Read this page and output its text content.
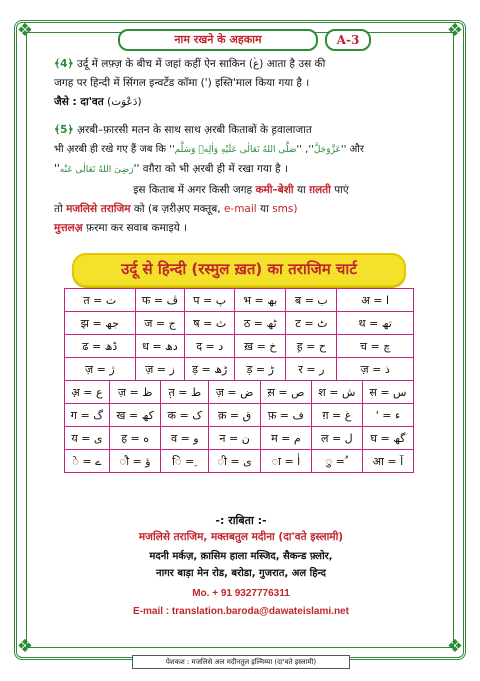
❖	❖
❖	❖
नाम रखने के अहकाम	A-3
﴾4﴿ उर्दू में लफ़्ज़ के बीच में जहां कहीं ऐन साकिन (ۡع) आता है उस की
जगह पर हिन्दी में सिंगल इन्वर्टेड कॉमा (') इस्ति'माल किया गया है ।
जैसे : दा'वत (دَعْوَت)
﴾5﴿ अ़रबी–फ़ारसी मतन के साथ साथ अ़रबी किताबों के ह़वालाजात
भी अ़रबी ही रखे गए हैं जब कि ''	عَزَّوَجَلَّ'', ''صَلَّى اللهُ تَعَالٰى عَلَيْهِ وَاٰلِهٖ وَسَلَّم	'' और
''رَضِىَ اللهُ تَعَالٰى عَنْه'' वग़ैरा को भी अ़रबी ही में रखा गया है ।
इस किताब में अगर किसी जगह कमी–बेशी या ग़लती पाएं
तो मजलिसे तराजिम को (ब ज़रीअ़ए मक्तूब, e-mail या sms)
मुत्तलअ़ फ़रमा कर सवाब कमाइये ।
उर्दू से हिन्दी (रस्मुल ख़त) का तराजिम चार्ट
त = ت		फ = ڤ		प = پ		भ = بھ		ब = ب		अ = ا	
झ = جھ		ज = ج		ष = ث		ठ = ٹھ		ट = ٹ		थ = تھ	
ढ = ڈھ		ध = دھ		द = د		ख़ = خ		ह़ = ح		च = چ	
ज़ = ژ		ज़ = ز		ड़ = ڑھ		ड़ = ڑ		र = ر		ज़ = ذ	
अ़ = ع	ज़ = ظ		त़ = ط		ज़ = ض		स़ = ص		श = ش		स = س
ग = گ	ख = کھ		क = ک		क़ = ق		फ़ = ف		ग़ = غ		' = ء
य = ی	ह = ه		व = و		न = ن		म = م		ल = ل		घ = گھ
े = ے	ौ = ؤ		ि = ِ		ी = ی		ा = اٰ		ु = ُ		आ = آ
-: राबिता :-
मजलिसे तराजिम, मक्तबतुल मदीना (दा'वते इस्लामी)
मदनी मर्कज़, क़ासिम हाला मस्जिद, सैकन्ड फ़्लोर,
नागर बाड़ा मेन रोड, बरोडा, गुजरात, अल हिन्द
Mo. + 91 9327776311
E-mail : translation.baroda@dawateislami.net
पेशकश : मजलिसे अल मदीनतुल इल्मिय्या (दा'वते इस्लामी)
